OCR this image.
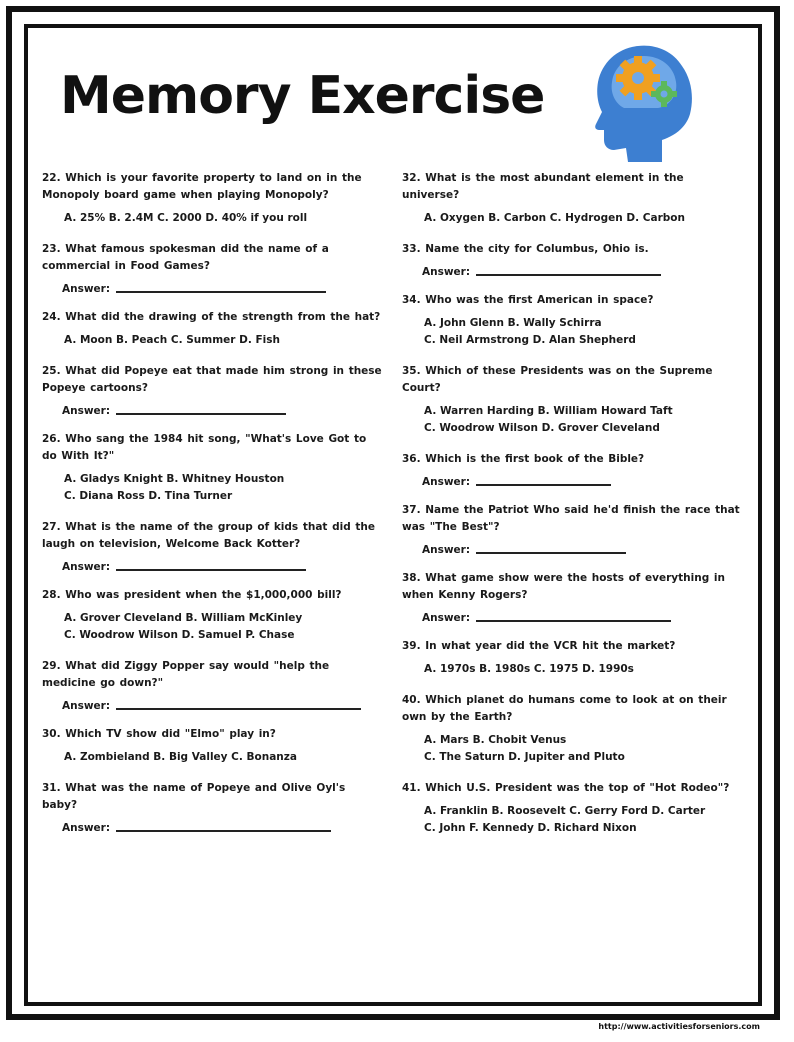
Memory Exercise

22. Which is your favorite property to land on in the Monopoly board game when playing Monopoly?

A. 25% B. 2.4M C. 2000 D. 40% if you roll

23. What famous spokesman did the name of a commercial in Food Games?

Answer:

24. What did the drawing of the strength from the hat?

A. Moon B. Peach C. Summer D. Fish

25. What did Popeye eat that made him strong in these Popeye cartoons?

Answer:

26. Who sang the 1984 hit song, "What's Love Got to do With It?"

A. Gladys Knight B. Whitney Houston
C. Diana Ross D. Tina Turner

27. What is the name of the group of kids that did the laugh on television, Welcome Back Kotter?

Answer:

28. Who was president when the $1,000,000 bill?

A. Grover Cleveland B. William McKinley
C. Woodrow Wilson D. Samuel P. Chase

29. What did Ziggy Popper say would "help the medicine go down?"

Answer:

30. Which TV show did "Elmo" play in?

A. Zombieland B. Big Valley C. Bonanza

31. What was the name of Popeye and Olive Oyl's baby?

Answer:

32. What is the most abundant element in the universe?

A. Oxygen B. Carbon C. Hydrogen D. Carbon

33. Name the city for Columbus, Ohio is.

Answer:

34. Who was the first American in space?

A. John Glenn B. Wally Schirra
C. Neil Armstrong D. Alan Shepherd

35. Which of these Presidents was on the Supreme Court?

A. Warren Harding B. William Howard Taft
C. Woodrow Wilson D. Grover Cleveland

36. Which is the first book of the Bible?

Answer:

37. Name the Patriot Who said he'd finish the race that was "The Best"?

Answer:

38. What game show were the hosts of everything in when Kenny Rogers?

Answer:

39. In what year did the VCR hit the market?

A. 1970s B. 1980s C. 1975 D. 1990s

40. Which planet do humans come to look at on their own by the Earth?

A. Mars B. Chobit Venus
C. The Saturn D. Jupiter and Pluto

41. Which U.S. President was the top of "Hot Rodeo"?

A. Franklin B. Roosevelt C. Gerry Ford D. Carter
C. John F. Kennedy D. Richard Nixon
http://www.activitiesforseniors.com
